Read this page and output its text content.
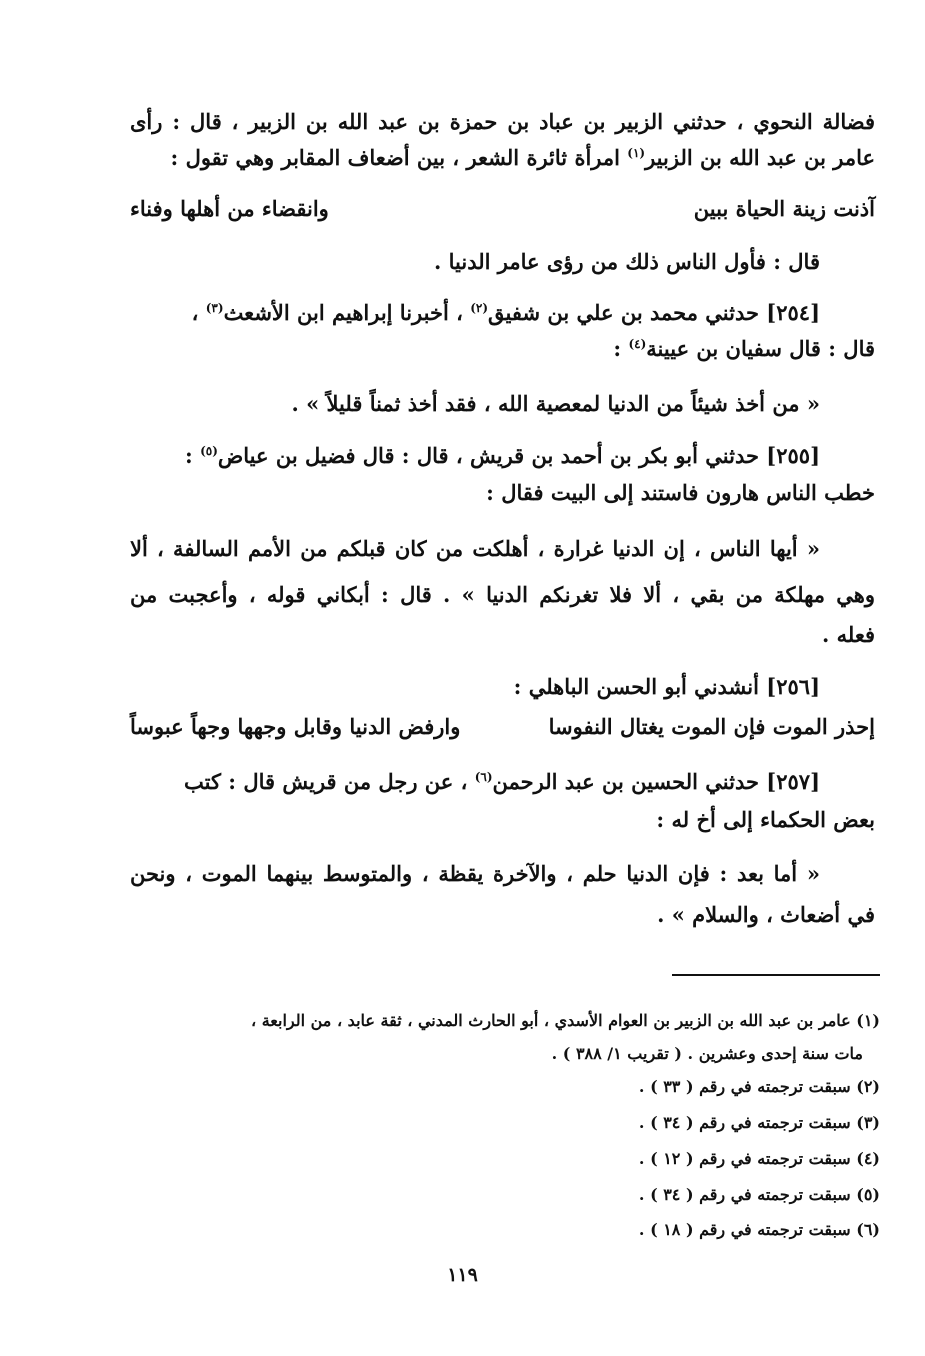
فضالة النحوي ، حدثني الزبير بن عباد بن حمزة بن عبد الله بن الزبير ، قال : رأى

عامر بن عبد الله بن الزبير$^{(١)}$ امرأة ثائرة الشعر ، بين أضعاف المقابر وهي تقول :

آذنت زينة الحياة ببين
وانقضاء من أهلها وفناء

قال : فأول الناس ذلك من رؤى عامر الدنيا .

[٢٥٤] حدثني محمد بن علي بن شفيق$^{(٢)}$ ، أخبرنا إبراهيم ابن الأشعث$^{(٣)}$ ،

قال : قال سفيان بن عيينة$^{(٤)}$ :

« من أخذ شيئاً من الدنيا لمعصية الله ، فقد أخذ ثمناً قليلاً » .

[٢٥٥] حدثني أبو بكر بن أحمد بن قريش ، قال : قال فضيل بن عياض$^{(٥)}$ :

خطب الناس هارون فاستند إلى البيت فقال :

« أيها الناس ، إن الدنيا غرارة ، أهلكت من كان قبلكم من الأمم السالفة ، ألا

وهي مهلكة من بقي ، ألا فلا تغرنكم الدنيا » . قال : أبكاني قوله ، وأعجبت من

فعله .

[٢٥٦] أنشدني أبو الحسن الباهلي :

إحذر الموت فإن الموت يغتال النفوسا
وارفض الدنيا وقابل وجهها وجهاً عبوساً

[٢٥٧] حدثني الحسين بن عبد الرحمن$^{(٦)}$ ، عن رجل من قريش قال : كتب

بعض الحكماء إلى أخ له :

« أما بعد : فإن الدنيا حلم ، والآخرة يقظة ، والمتوسط بينهما الموت ، ونحن

في أضعاث ، والسلام » .

(١) عامر بن عبد الله بن الزبير بن العوام الأسدي ، أبو الحارث المدني ، ثقة عابد ، من الرابعة ،

مات سنة إحدى وعشرين . ( تقريب ١/ ٣٨٨ ) .

(٢) سبقت ترجمته في رقم ( ٣٣ ) .

(٣) سبقت ترجمته في رقم ( ٣٤ ) .

(٤) سبقت ترجمته في رقم ( ١٢ ) .

(٥) سبقت ترجمته في رقم ( ٣٤ ) .

(٦) سبقت ترجمته في رقم ( ١٨ ) .

١١٩
